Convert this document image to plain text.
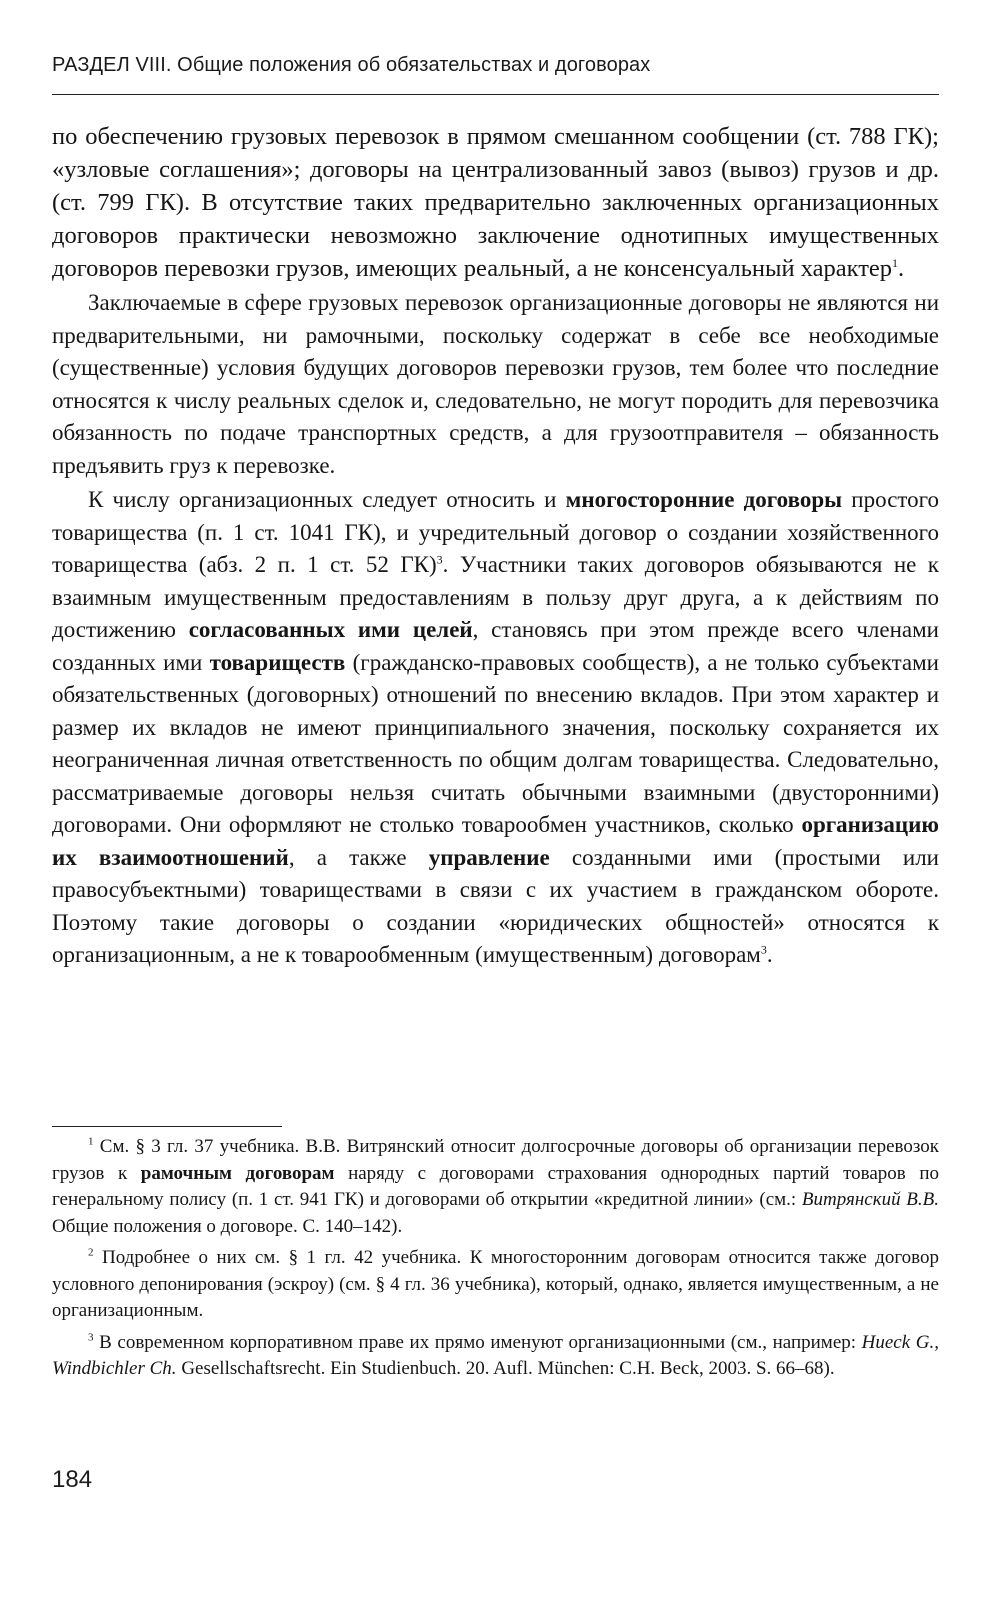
РАЗДЕЛ VIII. Общие положения об обязательствах и договорах

по обеспечению грузовых перевозок в прямом смешанном сообщении (ст. 788 ГК); «узловые соглашения»; договоры на централизованный завоз (вывоз) грузов и др. (ст. 799 ГК). В отсутствие таких предварительно заключенных организационных договоров практически невозможно заключение однотипных имущественных договоров перевозки грузов, имеющих реальный, а не консенсуальный характер$^1$.

Заключаемые в сфере грузовых перевозок организационные договоры не являются ни предварительными, ни рамочными, поскольку содержат в себе все необходимые (существенные) условия будущих договоров перевозки грузов, тем более что последние относятся к числу реальных сделок и, следовательно, не могут породить для перевозчика обязанность по подаче транспортных средств, а для грузоотправителя – обязанность предъявить груз к перевозке.

К числу организационных следует относить и многосторонние договоры простого товарищества (п. 1 ст. 1041 ГК), и учредительный договор о создании хозяйственного товарищества (абз. 2 п. 1 ст. 52 ГК)$^3$. Участники таких договоров обязываются не к взаимным имущественным предоставлениям в пользу друг друга, а к действиям по достижению согласованных ими целей, становясь при этом прежде всего членами созданных ими товариществ (гражданско-правовых сообществ), а не только субъектами обязательственных (договорных) отношений по внесению вкладов. При этом характер и размер их вкладов не имеют принципиального значения, поскольку сохраняется их неограниченная личная ответственность по общим долгам товарищества. Следовательно, рассматриваемые договоры нельзя считать обычными взаимными (двусторонними) договорами. Они оформляют не столько товарообмен участников, сколько организацию их взаимоотношений, а также управление созданными ими (простыми или правосубъектными) товариществами в связи с их участием в гражданском обороте. Поэтому такие договоры о создании «юридических общностей» относятся к организационным, а не к товарообменным (имущественным) договорам$^3$.

$^1$ См. § 3 гл. 37 учебника. В.В. Витрянский относит долгосрочные договоры об организации перевозок грузов к рамочным договорам наряду с договорами страхования однородных партий товаров по генеральному полису (п. 1 ст. 941 ГК) и договорами об открытии «кредитной линии» (см.: Витрянский В.В. Общие положения о договоре. С. 140–142).

$^2$ Подробнее о них см. § 1 гл. 42 учебника. К многосторонним договорам относится также договор условного депонирования (эскроу) (см. § 4 гл. 36 учебника), который, однако, является имущественным, а не организационным.

$^3$ В современном корпоративном праве их прямо именуют организационными (см., например: Hueck G., Windbichler Ch. Gesellschaftsrecht. Ein Studienbuch. 20. Aufl. München: C.H. Beck, 2003. S. 66–68).

184
